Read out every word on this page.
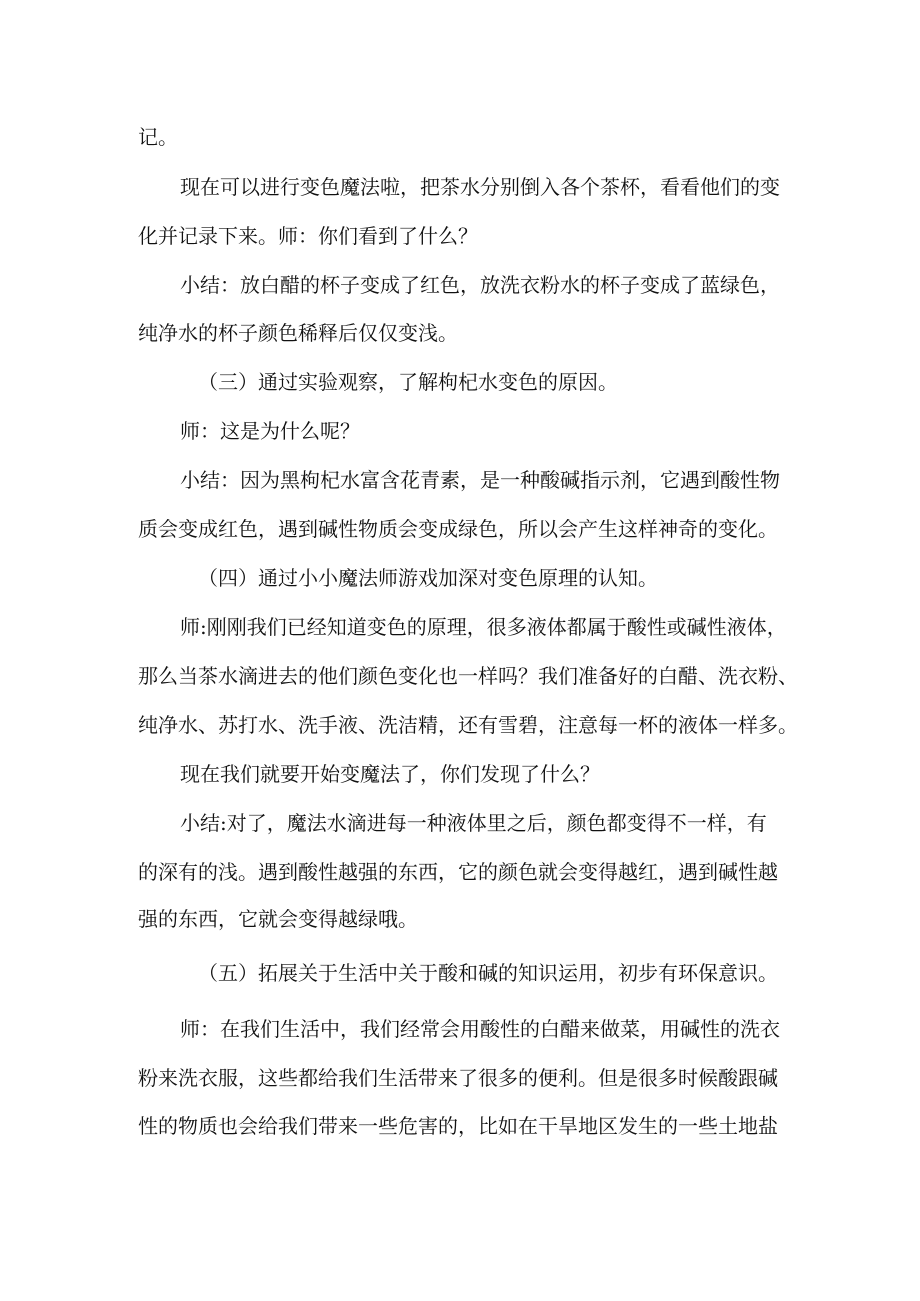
记。
现在可以进行变色魔法啦，把茶水分别倒入各个茶杯，看看他们的变
化并记录下来。师：你们看到了什么？
小结：放白醋的杯子变成了红色，放洗衣粉水的杯子变成了蓝绿色，
纯净水的杯子颜色稀释后仅仅变浅。
（三）通过实验观察，了解枸杞水变色的原因。
师：这是为什么呢？
小结：因为黑枸杞水富含花青素，是一种酸碱指示剂，它遇到酸性物
质会变成红色，遇到碱性物质会变成绿色，所以会产生这样神奇的变化。
（四）通过小小魔法师游戏加深对变色原理的认知。
师:刚刚我们已经知道变色的原理，很多液体都属于酸性或碱性液体，
那么当茶水滴进去的他们颜色变化也一样吗？我们准备好的白醋、洗衣粉、
纯净水、苏打水、洗手液、洗洁精，还有雪碧，注意每一杯的液体一样多。
现在我们就要开始变魔法了，你们发现了什么？
小结:对了，魔法水滴进每一种液体里之后，颜色都变得不一样，有
的深有的浅。遇到酸性越强的东西，它的颜色就会变得越红，遇到碱性越
强的东西，它就会变得越绿哦。
（五）拓展关于生活中关于酸和碱的知识运用，初步有环保意识。
师：在我们生活中，我们经常会用酸性的白醋来做菜，用碱性的洗衣
粉来洗衣服，这些都给我们生活带来了很多的便利。但是很多时候酸跟碱
性的物质也会给我们带来一些危害的，比如在干旱地区发生的一些土地盐
